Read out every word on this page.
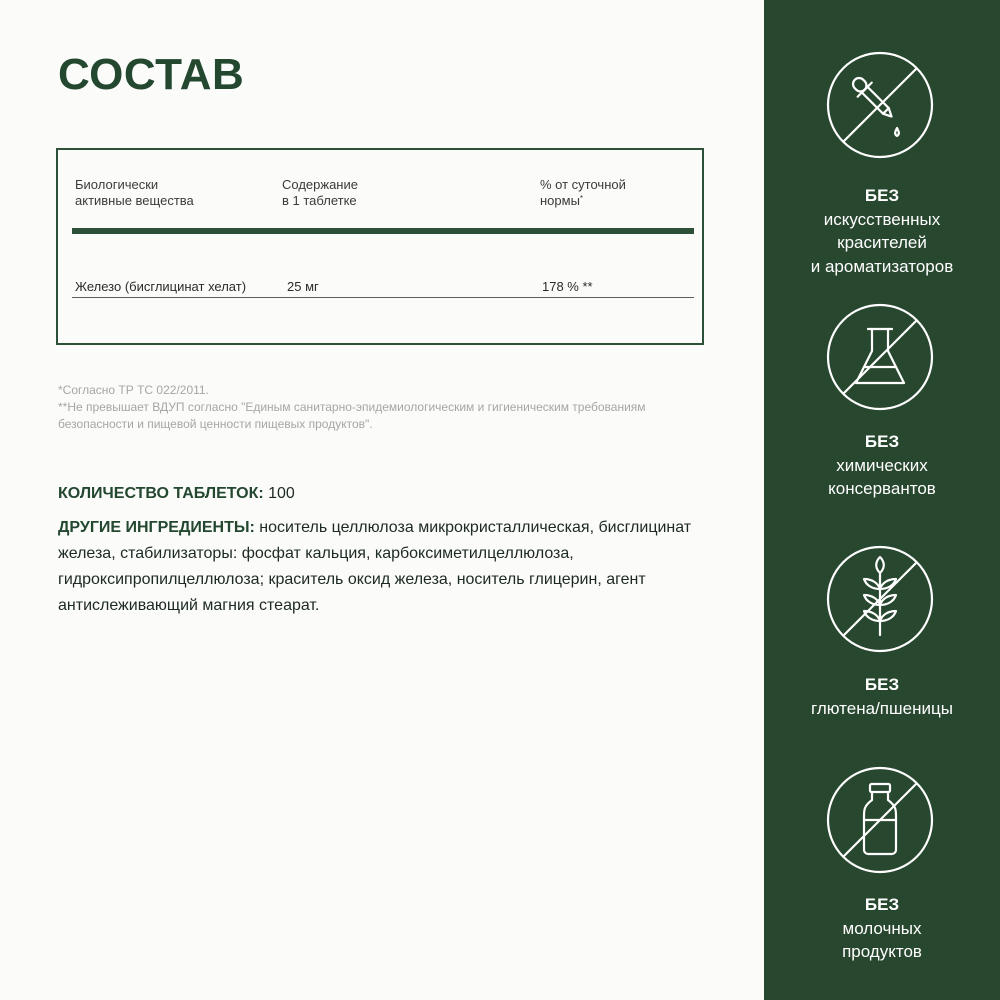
СОСТАВ
Биологически
активные вещества
Содержание
в 1 таблетке
% от суточной
нормы*
Железо (бисглицинат хелат)	25 мг	178 % **

*Согласно ТР ТС 022/2011.

**Не превышает ВДУП согласно "Единым санитарно-эпидемиологическим и гигиеническим требованиям

безопасности и пищевой ценности пищевых продуктов".

КОЛИЧЕСТВО ТАБЛЕТОК: 100

ДРУГИЕ ИНГРЕДИЕНТЫ: носитель целлюлоза микрокристаллическая, бисглицинат железа, стабилизаторы: фосфат кальция, карбоксиметилцеллюлоза, гидроксипропилцеллюлоза; краситель оксид железа, носитель глицерин, агент антислеживающий магния стеарат.

БЕЗ
искусственных
красителей
и ароматизаторов
БЕЗ
химических
консервантов
БЕЗ
глютена/пшеницы
БЕЗ
молочных
продуктов
